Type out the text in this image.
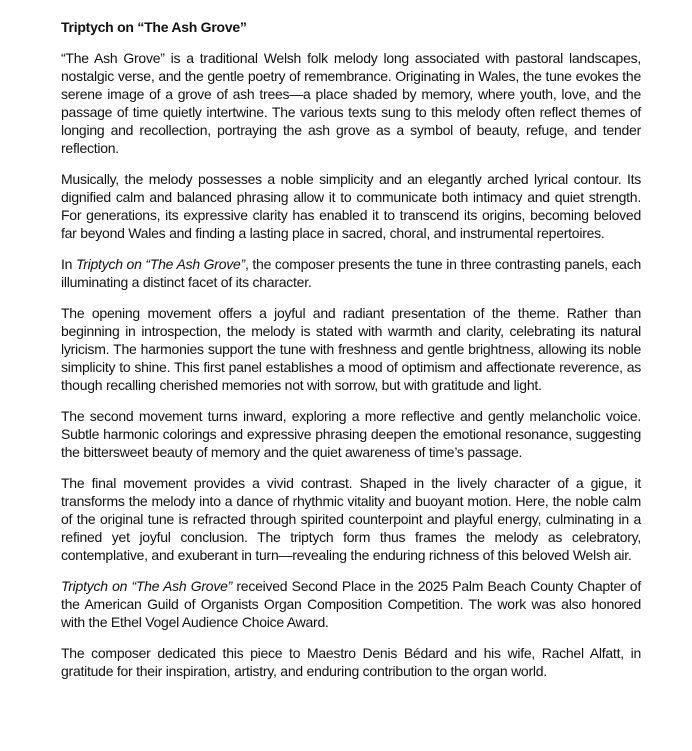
Triptych on “The Ash Grove”

“The Ash Grove” is a traditional Welsh folk melody long associated with pastoral landscapes, nostalgic verse, and the gentle poetry of remembrance. Originating in Wales, the tune evokes the serene image of a grove of ash trees—a place shaded by memory, where youth, love, and the passage of time quietly intertwine. The various texts sung to this melody often reflect themes of longing and recollection, portraying the ash grove as a symbol of beauty, refuge, and tender reflection.

Musically, the melody possesses a noble simplicity and an elegantly arched lyrical contour. Its dignified calm and balanced phrasing allow it to communicate both intimacy and quiet strength. For generations, its expressive clarity has enabled it to transcend its origins, becoming beloved far beyond Wales and finding a lasting place in sacred, choral, and instrumental repertoires.

In Triptych on “The Ash Grove”, the composer presents the tune in three contrasting panels, each illuminating a distinct facet of its character.

The opening movement offers a joyful and radiant presentation of the theme. Rather than beginning in introspection, the melody is stated with warmth and clarity, celebrating its natural lyricism. The harmonies support the tune with freshness and gentle brightness, allowing its noble simplicity to shine. This first panel establishes a mood of optimism and affectionate reverence, as though recalling cherished memories not with sorrow, but with gratitude and light.

The second movement turns inward, exploring a more reflective and gently melancholic voice. Subtle harmonic colorings and expressive phrasing deepen the emotional resonance, suggesting the bittersweet beauty of memory and the quiet awareness of time’s passage.

The final movement provides a vivid contrast. Shaped in the lively character of a gigue, it transforms the melody into a dance of rhythmic vitality and buoyant motion. Here, the noble calm of the original tune is refracted through spirited counterpoint and playful energy, culminating in a refined yet joyful conclusion. The triptych form thus frames the melody as celebratory, contemplative, and exuberant in turn—revealing the enduring richness of this beloved Welsh air.

Triptych on “The Ash Grove” received Second Place in the 2025 Palm Beach County Chapter of the American Guild of Organists Organ Composition Competition. The work was also honored with the Ethel Vogel Audience Choice Award.

The composer dedicated this piece to Maestro Denis Bédard and his wife, Rachel Alfatt, in gratitude for their inspiration, artistry, and enduring contribution to the organ world.
